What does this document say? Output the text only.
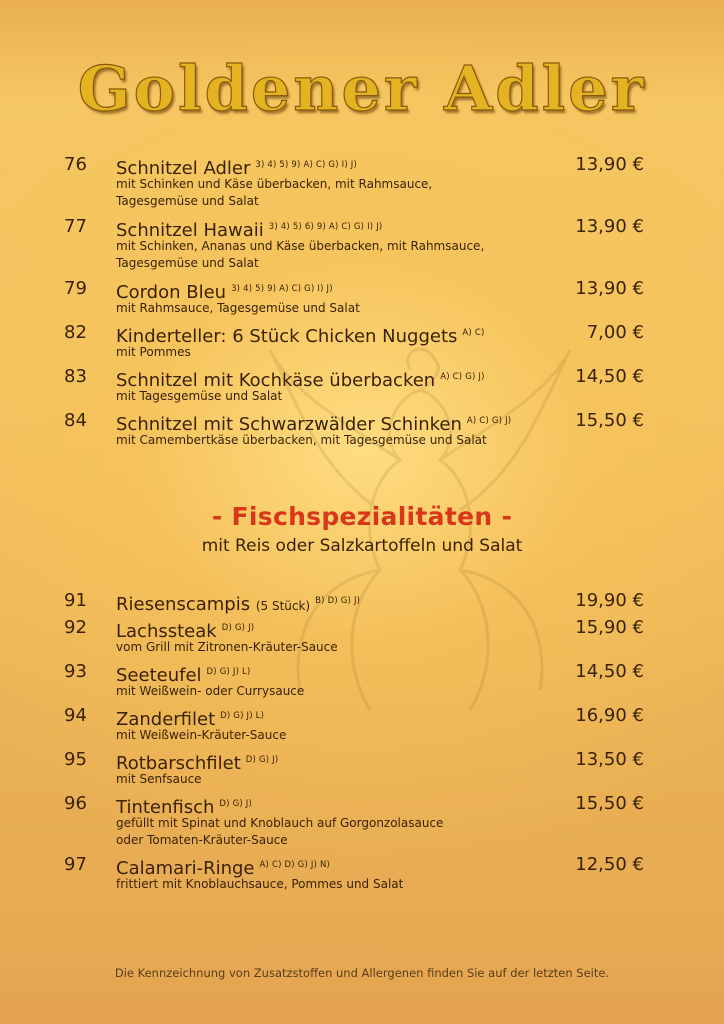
Goldener Adler
76 Schnitzel Adler $^{3) 4) 5) 9) A) C) G) I) J)}$	13,90 €
mit Schinken und Käse überbacken, mit Rahmsauce,
Tagesgemüse und Salat
77 Schnitzel Hawaii $^{3) 4) 5) 6) 9) A) C) G) I) J)}$	13,90 €
mit Schinken, Ananas und Käse überbacken, mit Rahmsauce,
Tagesgemüse und Salat
79 Cordon Bleu $^{3) 4) 5) 9) A) C) G) I) J)}$	13,90 €
mit Rahmsauce, Tagesgemüse und Salat
82 Kinderteller: 6 Stück Chicken Nuggets $^{A) C)}$	7,00 €
mit Pommes
83 Schnitzel mit Kochkäse überbacken $^{A) C) G) J)}$	14,50 €
mit Tagesgemüse und Salat
84 Schnitzel mit Schwarzwälder Schinken $^{A) C) G) J)}$	15,50 €
mit Camembertkäse überbacken, mit Tagesgemüse und Salat
- Fischspezialitäten -
mit Reis oder Salzkartoffeln und Salat
91 Riesenscampis (5 Stück) $^{B) D) G) J)}$	19,90 €
92 Lachssteak $^{D) G) J)}$	15,90 €
vom Grill mit Zitronen-Kräuter-Sauce
93 Seeteufel $^{D) G) J) L)}$	14,50 €
mit Weißwein- oder Currysauce
94 Zanderfilet $^{D) G) J) L)}$	16,90 €
mit Weißwein-Kräuter-Sauce
95 Rotbarschfilet $^{D) G) J)}$	13,50 €
mit Senfsauce
96 Tintenfisch $^{D) G) J)}$	15,50 €
gefüllt mit Spinat und Knoblauch auf Gorgonzolasauce
oder Tomaten-Kräuter-Sauce
97 Calamari-Ringe $^{A) C) D) G) J) N)}$	12,50 €
frittiert mit Knoblauchsauce, Pommes und Salat
Die Kennzeichnung von Zusatzstoffen und Allergenen finden Sie auf der letzten Seite.
